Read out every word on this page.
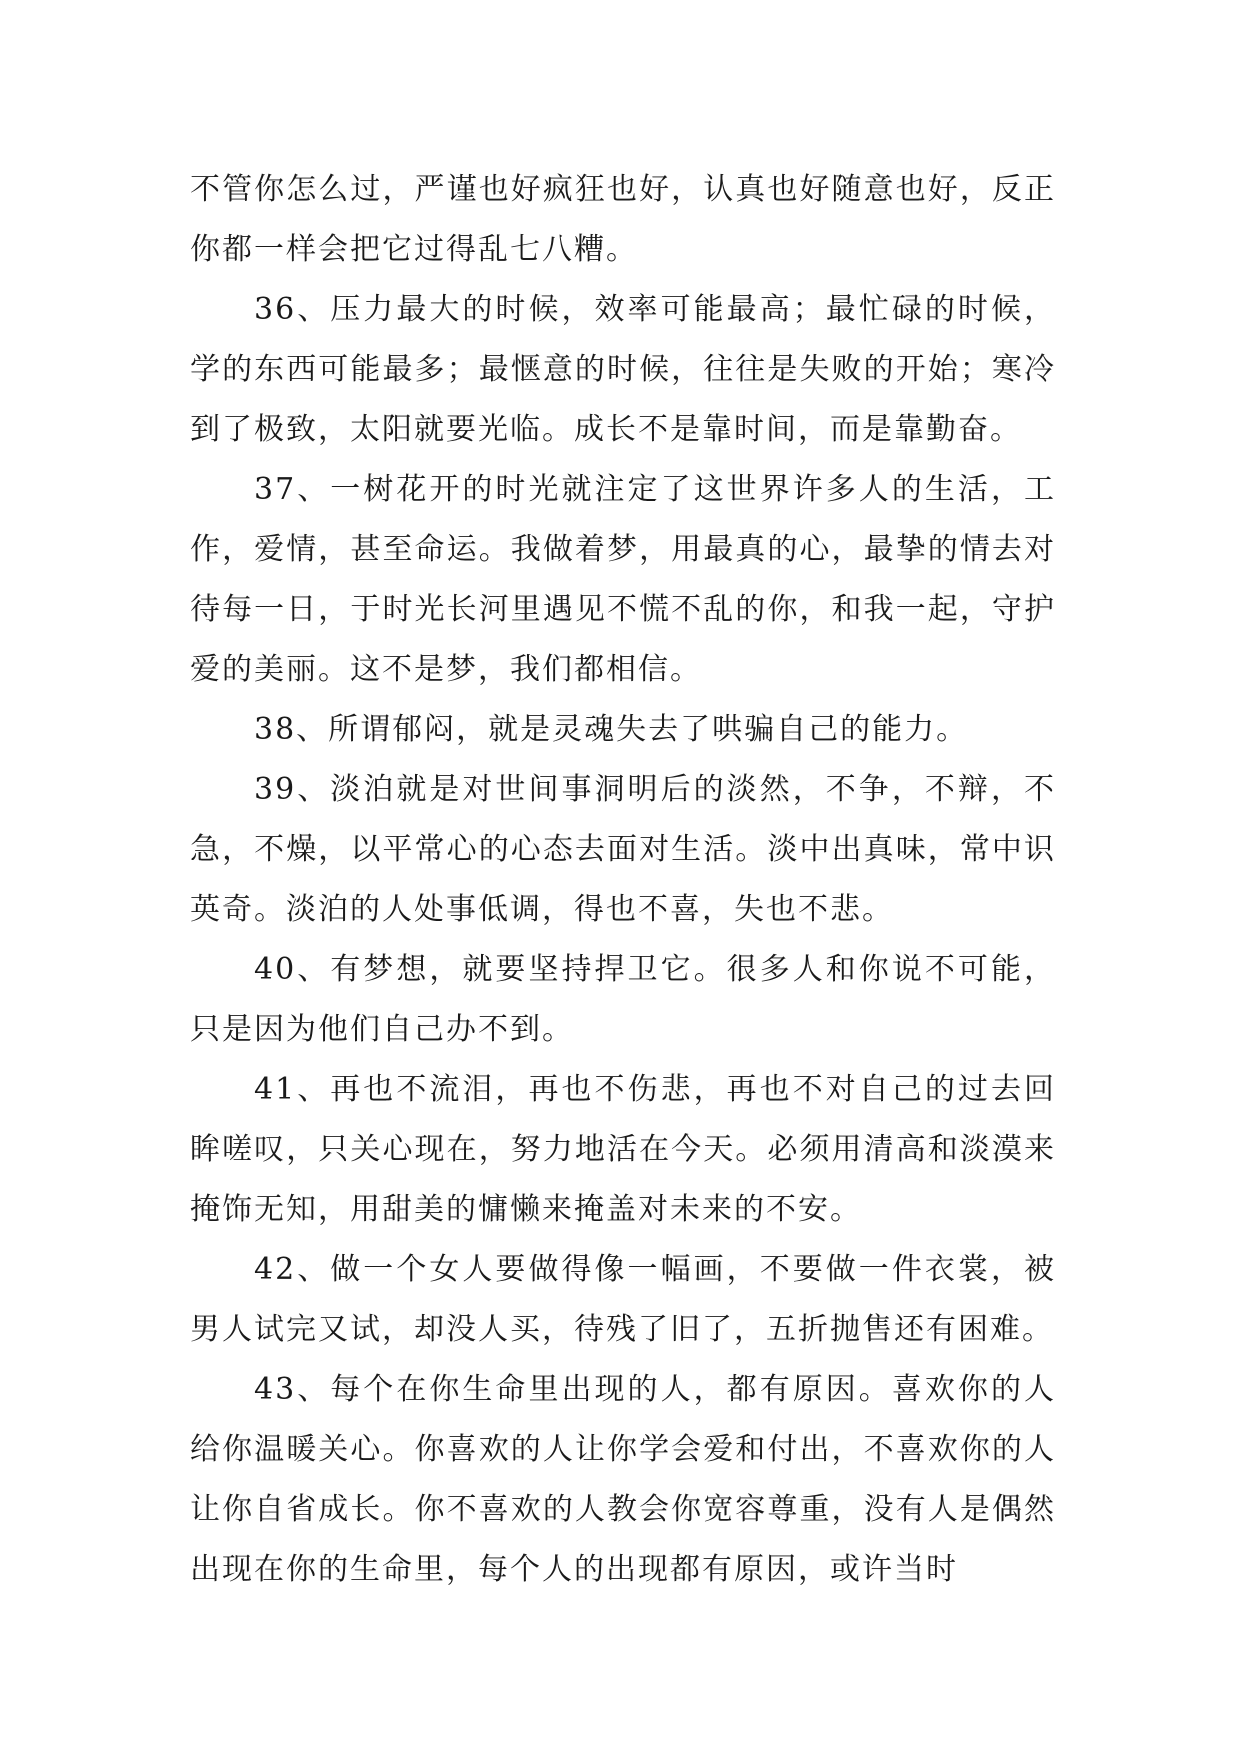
不管你怎么过，严谨也好疯狂也好，认真也好随意也好，反正你都一样会把它过得乱七八糟。

36、压力最大的时候，效率可能最高；最忙碌的时候，学的东西可能最多；最惬意的时候，往往是失败的开始；寒冷到了极致，太阳就要光临。成长不是靠时间，而是靠勤奋。

37、一树花开的时光就注定了这世界许多人的生活，工作，爱情，甚至命运。我做着梦，用最真的心，最挚的情去对待每一日，于时光长河里遇见不慌不乱的你，和我一起，守护爱的美丽。这不是梦，我们都相信。

38、所谓郁闷，就是灵魂失去了哄骗自己的能力。

39、淡泊就是对世间事洞明后的淡然，不争，不辩，不急，不燥，以平常心的心态去面对生活。淡中出真味，常中识英奇。淡泊的人处事低调，得也不喜，失也不悲。

40、有梦想，就要坚持捍卫它。很多人和你说不可能，只是因为他们自己办不到。

41、再也不流泪，再也不伤悲，再也不对自己的过去回眸嗟叹，只关心现在，努力地活在今天。必须用清高和淡漠来掩饰无知，用甜美的慵懒来掩盖对未来的不安。

42、做一个女人要做得像一幅画，不要做一件衣裳，被男人试完又试，却没人买，待残了旧了，五折抛售还有困难。

43、每个在你生命里出现的人，都有原因。喜欢你的人给你温暖关心。你喜欢的人让你学会爱和付出，不喜欢你的人让你自省成长。你不喜欢的人教会你宽容尊重，没有人是偶然出现在你的生命里，每个人的出现都有原因，或许当时
